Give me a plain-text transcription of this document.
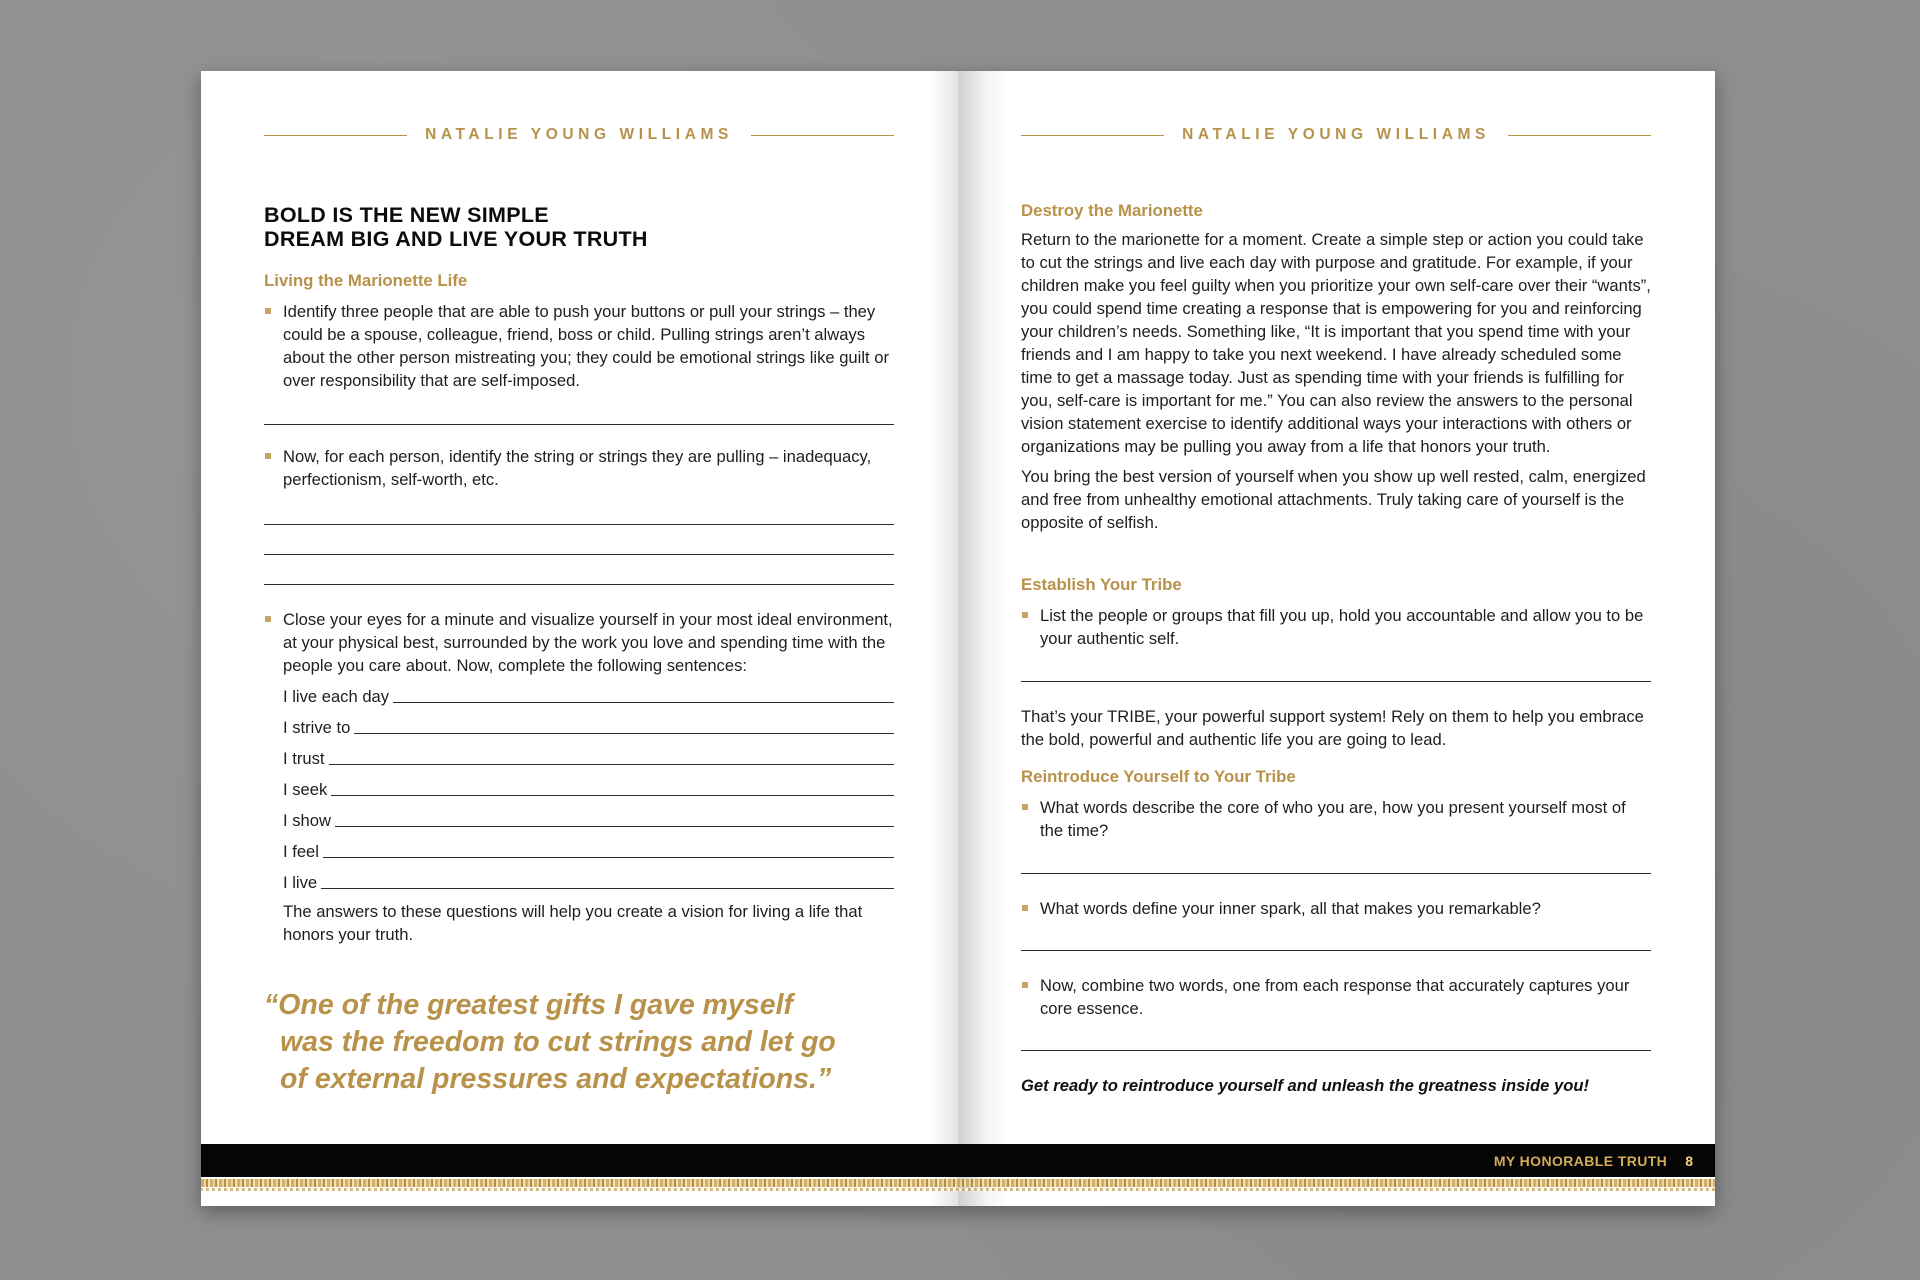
NATALIE YOUNG WILLIAMS
BOLD IS THE NEW SIMPLE
DREAM BIG AND LIVE YOUR TRUTH

Living the Marionette Life

Identify three people that are able to push your buttons or pull your strings – they could be a spouse, colleague, friend, boss or child. Pulling strings aren’t always about the other person mistreating you; they could be emotional strings like guilt or over responsibility that are self-imposed.

Now, for each person, identify the string or strings they are pulling – inadequacy, perfectionism, self-worth, etc.

Close your eyes for a minute and visualize yourself in your most ideal environment, at your physical best, surrounded by the work you love and spending time with the people you care about. Now, complete the following sentences:

I live each day
I strive to
I trust
I seek
I show
I feel
I live

The answers to these questions will help you create a vision for living a life that honors your truth.

“One of the greatest gifts I gave myself
was the freedom to cut strings and let go
of external pressures and expectations.”
NATALIE YOUNG WILLIAMS

Destroy the Marionette

Return to the marionette for a moment. Create a simple step or action you could take to cut the strings and live each day with purpose and gratitude. For example, if your children make you feel guilty when you prioritize your own self-care over their “wants”, you could spend time creating a response that is empowering for you and reinforcing your children’s needs. Something like, “It is important that you spend time with your friends and I am happy to take you next weekend. I have already scheduled some time to get a massage today. Just as spending time with your friends is fulfilling for you, self-care is important for me.” You can also review the answers to the personal vision statement exercise to identify additional ways your interactions with others or organizations may be pulling you away from a life that honors your truth.

You bring the best version of yourself when you show up well rested, calm, energized and free from unhealthy emotional attachments. Truly taking care of yourself is the opposite of selfish.

Establish Your Tribe

List the people or groups that fill you up, hold you accountable and allow you to be your authentic self.

That’s your TRIBE, your powerful support system! Rely on them to help you embrace the bold, powerful and authentic life you are going to lead.

Reintroduce Yourself to Your Tribe

What words describe the core of who you are, how you present yourself most of the time?

What words define your inner spark, all that makes you remarkable?

Now, combine two words, one from each response that accurately captures your core essence.

Get ready to reintroduce yourself and unleash the greatness inside you!

MY HONORABLE TRUTH 8
